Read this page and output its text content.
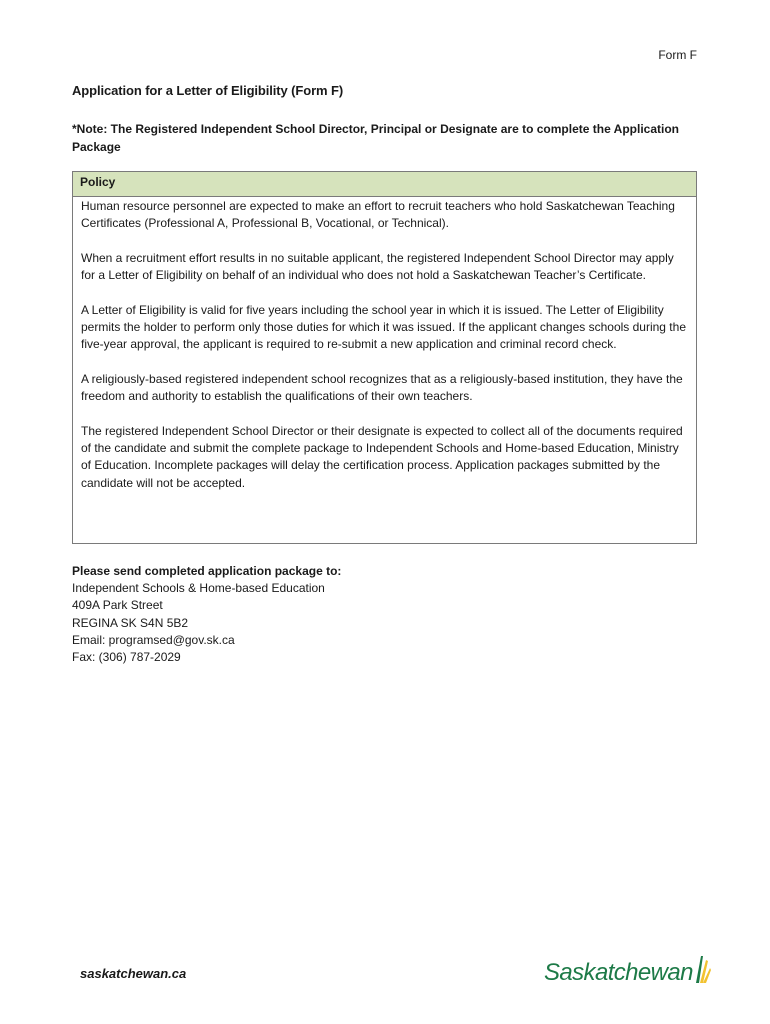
Form F
Application for a Letter of Eligibility (Form F)
*Note: The Registered Independent School Director, Principal or Designate are to complete the Application Package
Policy

Human resource personnel are expected to make an effort to recruit teachers who hold Saskatchewan Teaching Certificates (Professional A, Professional B, Vocational, or Technical).

When a recruitment effort results in no suitable applicant, the registered Independent School Director may apply for a Letter of Eligibility on behalf of an individual who does not hold a Saskatchewan Teacher’s Certificate.

A Letter of Eligibility is valid for five years including the school year in which it is issued. The Letter of Eligibility permits the holder to perform only those duties for which it was issued. If the applicant changes schools during the five-year approval, the applicant is required to re-submit a new application and criminal record check.

A religiously-based registered independent school recognizes that as a religiously-based institution, they have the freedom and authority to establish the qualifications of their own teachers.

The registered Independent School Director or their designate is expected to collect all of the documents required of the candidate and submit the complete package to Independent Schools and Home-based Education, Ministry of Education. Incomplete packages will delay the certification process. Application packages submitted by the candidate will not be accepted.

Please send completed application package to:
Independent Schools & Home-based Education
409A Park Street
REGINA SK S4N 5B2
Email: programsed@gov.sk.ca
Fax: (306) 787-2029
saskatchewan.ca	Saskatchewan
